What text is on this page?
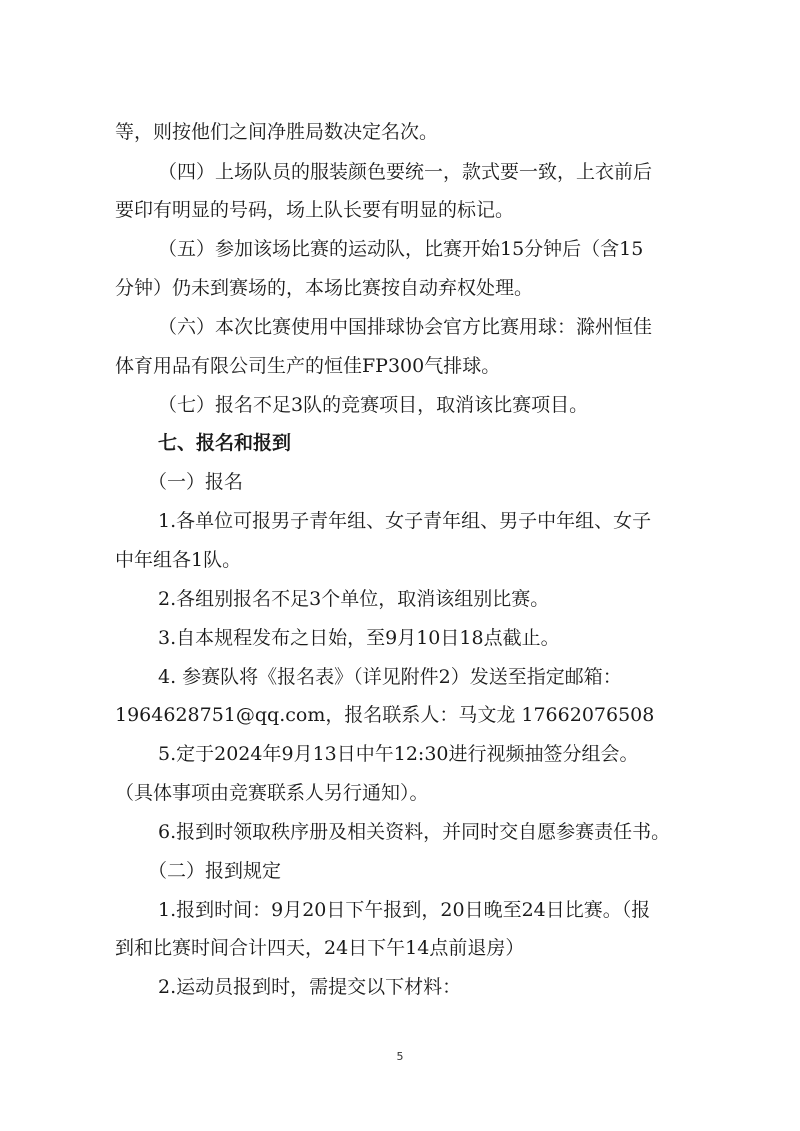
等，则按他们之间净胜局数决定名次。
（四）上场队员的服装颜色要统一，款式要一致，上衣前后
要印有明显的号码，场上队长要有明显的标记。
（五）参加该场比赛的运动队，比赛开始15分钟后（含15
分钟）仍未到赛场的，本场比赛按自动弃权处理。
（六）本次比赛使用中国排球协会官方比赛用球：滁州恒佳
体育用品有限公司生产的恒佳FP300气排球。
（七）报名不足3队的竞赛项目，取消该比赛项目。
七、报名和报到
（一）报名
1.各单位可报男子青年组、女子青年组、男子中年组、女子
中年组各1队。
2.各组别报名不足3个单位，取消该组别比赛。
3.自本规程发布之日始，至9月10日18点截止。
4. 参赛队将《报名表》（详见附件2）发送至指定邮箱：
1964628751@qq.com，报名联系人：马文龙 17662076508
5.定于2024年9月13日中午12:30进行视频抽签分组会。
（具体事项由竞赛联系人另行通知）。
6.报到时领取秩序册及相关资料，并同时交自愿参赛责任书。
（二）报到规定
1.报到时间：9月20日下午报到，20日晚至24日比赛。（报
到和比赛时间合计四天，24日下午14点前退房）
2.运动员报到时，需提交以下材料：
5
